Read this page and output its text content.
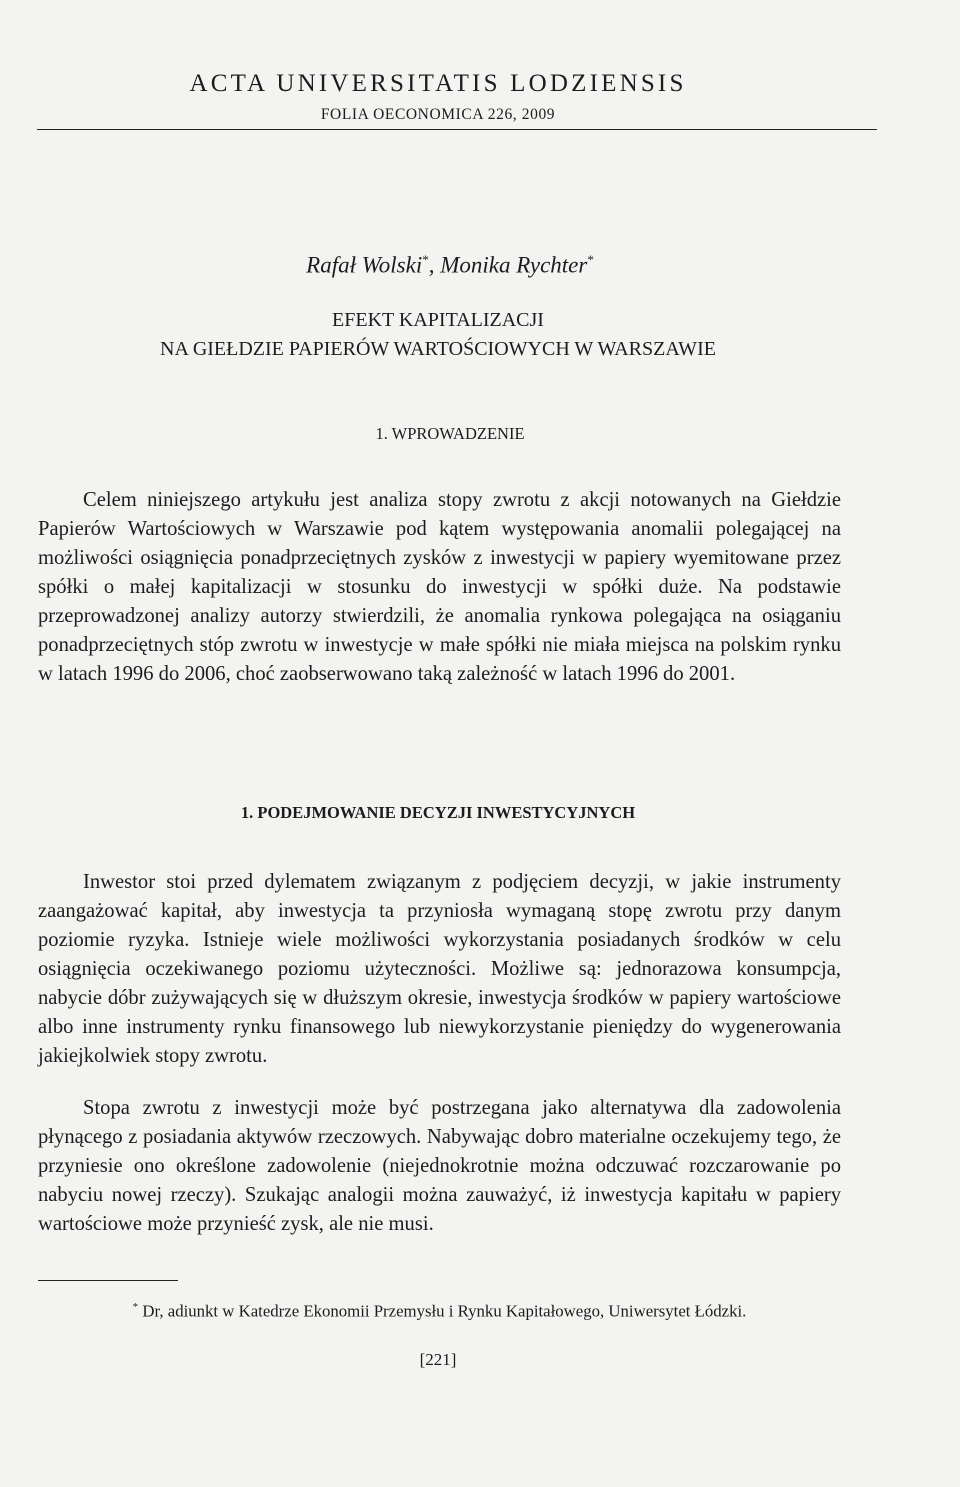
ACTA UNIVERSITATIS LODZIENSIS
FOLIA OECONOMICA 226, 2009
Rafał Wolski*, Monika Rychter*
EFEKT KAPITALIZACJI
NA GIEŁDZIE PAPIERÓW WARTOŚCIOWYCH W WARSZAWIE
1. WPROWADZENIE

Celem niniejszego artykułu jest analiza stopy zwrotu z akcji notowanych na Giełdzie Papierów Wartościowych w Warszawie pod kątem występowania anomalii polegającej na możliwości osiągnięcia ponadprzeciętnych zysków z inwestycji w papiery wyemitowane przez spółki o małej kapitalizacji w stosunku do inwestycji w spółki duże. Na podstawie przeprowadzonej analizy autorzy stwierdzili, że anomalia rynkowa polegająca na osiąganiu ponadprzeciętnych stóp zwrotu w inwestycje w małe spółki nie miała miejsca na polskim rynku w latach 1996 do 2006, choć zaobserwowano taką zależność w latach 1996 do 2001.

1. PODEJMOWANIE DECYZJI INWESTYCYJNYCH

Inwestor stoi przed dylematem związanym z podjęciem decyzji, w jakie instrumenty zaangażować kapitał, aby inwestycja ta przyniosła wymaganą stopę zwrotu przy danym poziomie ryzyka. Istnieje wiele możliwości wykorzystania posiadanych środków w celu osiągnięcia oczekiwanego poziomu użyteczności. Możliwe są: jednorazowa konsumpcja, nabycie dóbr zużywających się w dłuższym okresie, inwestycja środków w papiery wartościowe albo inne instrumenty rynku finansowego lub niewykorzystanie pieniędzy do wygenerowania jakiejkolwiek stopy zwrotu.

Stopa zwrotu z inwestycji może być postrzegana jako alternatywa dla zadowolenia płynącego z posiadania aktywów rzeczowych. Nabywając dobro materialne oczekujemy tego, że przyniesie ono określone zadowolenie (niejednokrotnie można odczuwać rozczarowanie po nabyciu nowej rzeczy). Szukając analogii można zauważyć, iż inwestycja kapitału w papiery wartościowe może przynieść zysk, ale nie musi.

* Dr, adiunkt w Katedrze Ekonomii Przemysłu i Rynku Kapitałowego, Uniwersytet Łódzki.
[221]
